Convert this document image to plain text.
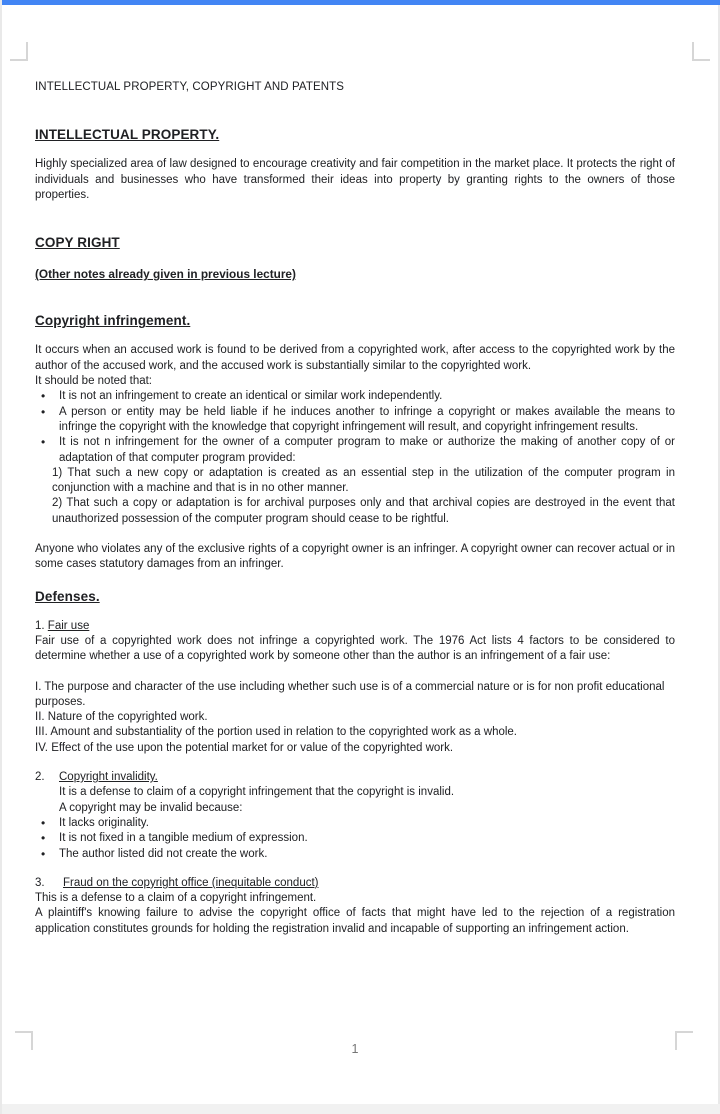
INTELLECTUAL PROPERTY, COPYRIGHT AND PATENTS
INTELLECTUAL PROPERTY.
Highly specialized area of law designed to encourage creativity and fair competition in the market place. It protects the right of individuals and businesses who have transformed their ideas into property by granting rights to the owners of those properties.
COPY RIGHT
(Other notes already given in previous lecture)
Copyright infringement.
It occurs when an accused work is found to be derived from a copyrighted work, after access to the copyrighted work by the author of the accused work, and the accused work is substantially similar to the copyrighted work.
It should be noted that:
• It is not an infringement to create an identical or similar work independently.
• A person or entity may be held liable if he induces another to infringe a copyright or makes available the means to infringe the copyright with the knowledge that copyright infringement will result, and copyright infringement results.
• It is not n infringement for the owner of a computer program to make or authorize the making of another copy of or adaptation of that computer program provided:
1) That such a new copy or adaptation is created as an essential step in the utilization of the computer program in conjunction with a machine and that is in no other manner.
2) That such a copy or adaptation is for archival purposes only and that archival copies are destroyed in the event that unauthorized possession of the computer program should cease to be rightful.
Anyone who violates any of the exclusive rights of a copyright owner is an infringer. A copyright owner can recover actual or in some cases statutory damages from an infringer.
Defenses.
1.
Fair use
Fair use of a copyrighted work does not infringe a copyrighted work. The 1976 Act lists 4 factors to be considered to determine whether a use of a copyrighted work by someone other than the author is an infringement of a fair use:
I. The purpose and character of the use including whether such use is of a commercial nature or is for non profit educational purposes.
II. Nature of the copyrighted work.
III. Amount and substantiality of the portion used in relation to the copyrighted work as a whole.
IV. Effect of the use upon the potential market for or value of the copyrighted work.
2.	Copyright invalidity.
It is a defense to claim of a copyright infringement that the copyright is invalid.
A copyright may be invalid because:
• It lacks originality.
• It is not fixed in a tangible medium of expression.
• The author listed did not create the work.
3.	Fraud on the copyright office (inequitable conduct)
This is a defense to a claim of a copyright infringement.
A plaintiff's knowing failure to advise the copyright office of facts that might have led to the rejection of a registration application constitutes grounds for holding the registration invalid and incapable of supporting an infringement action.
1
